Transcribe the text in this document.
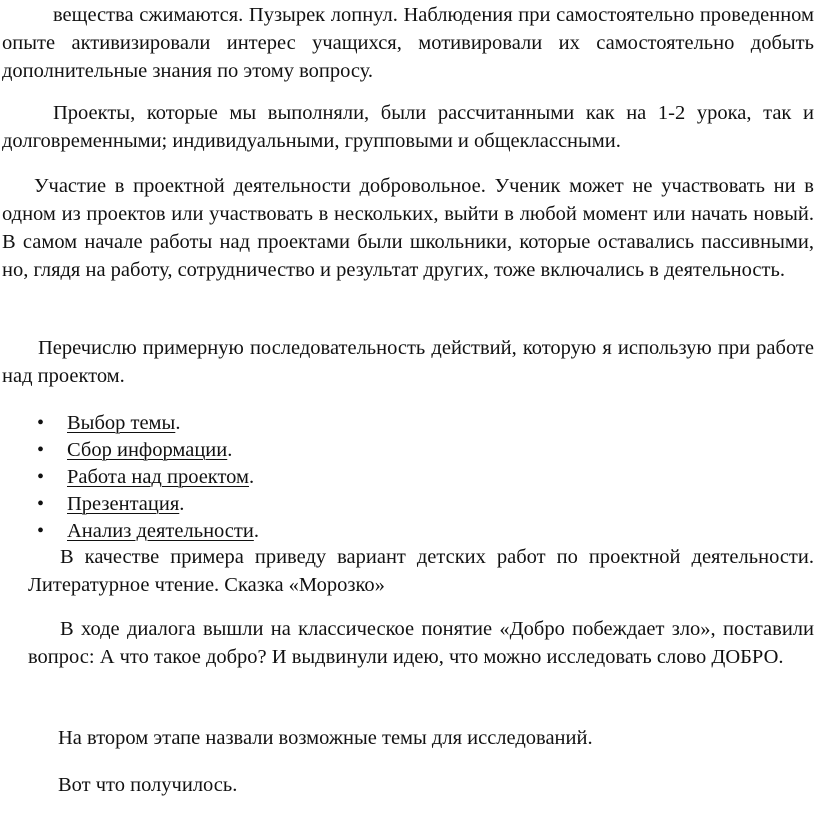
вещества сжимаются. Пузырек лопнул. Наблюдения при самостоятельно проведенном опыте активизировали интерес учащихся, мотивировали их самостоятельно добыть дополнительные знания по этому вопросу.

Проекты, которые мы выполняли, были рассчитанными как на 1-2 урока, так и долговременными; индивидуальными, групповыми и общеклассными.

Участие в проектной деятельности добровольное. Ученик может не участвовать ни в одном из проектов или участвовать в нескольких, выйти в любой момент или начать новый. В самом начале работы над проектами были школьники, которые оставались пассивными, но, глядя на работу, сотрудничество и результат других, тоже включались в деятельность.

Перечислю примерную последовательность действий, которую я использую при работе над проектом.

• Выбор темы.
• Сбор информации.
• Работа над проектом.
• Презентация.
• Анализ деятельности.

В качестве примера приведу вариант детских работ по проектной деятельности. Литературное чтение. Сказка «Морозко»

В ходе диалога вышли на классическое понятие «Добро побеждает зло», поставили вопрос: А что такое добро? И выдвинули идею, что можно исследовать слово ДОБРО.

На втором этапе назвали возможные темы для исследований.

Вот что получилось.
